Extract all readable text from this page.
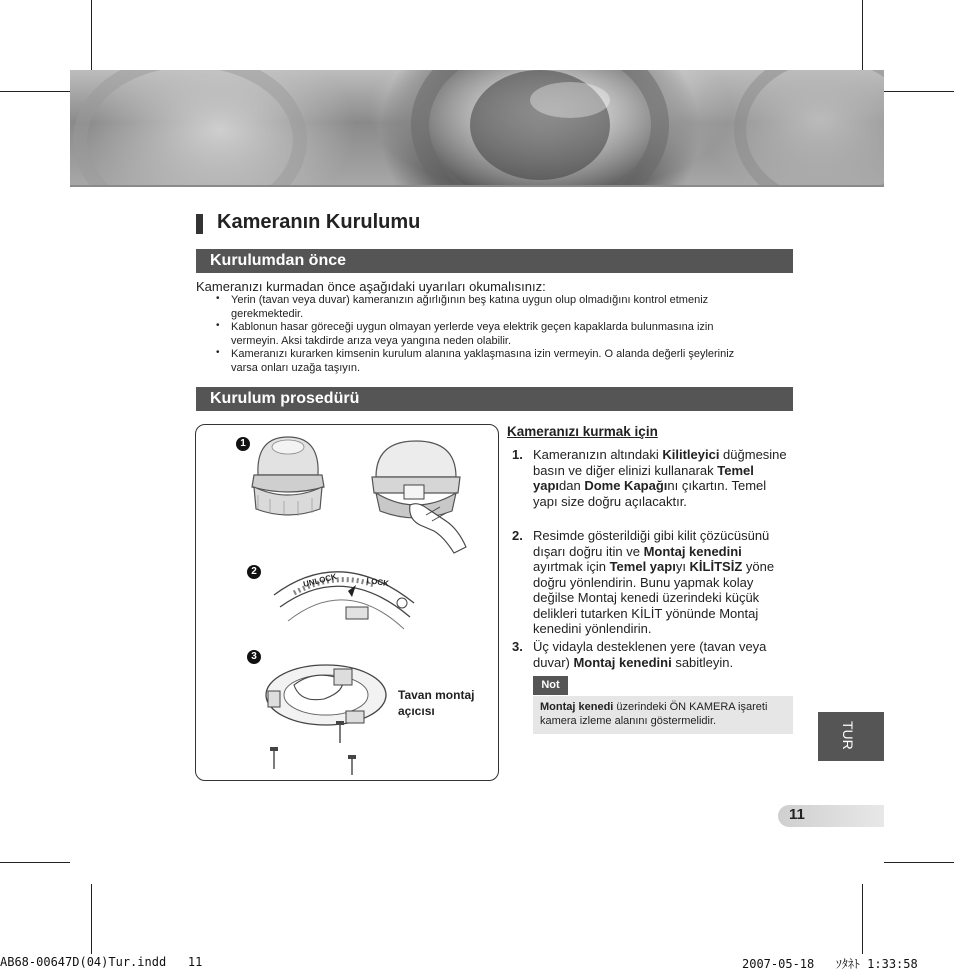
Kameranın Kurulumu
Kurulumdan önce
Kameranızı kurmadan önce aşağıdaki uyarıları okumalısınız:
• Yerin (tavan veya duvar) kameranızın ağırlığının beş katına uygun olup olmadığını kontrol etmeniz
gerekmektedir.
• Kablonun hasar göreceği uygun olmayan yerlerde veya elektrik geçen kapaklarda bulunmasına izin
vermeyin. Aksi takdirde arıza veya yangına neden olabilir.
• Kameranızı kurarken kimsenin kurulum alanına yaklaşmasına izin vermeyin. O alanda değerli şeyleriniz
varsa onları uzağa taşıyın.
Kurulum prosedürü
UNLOCK	LOCK
1
2
3
Tavan montaj
açıcısı
Kameranızı kurmak için
1. Kameranızın altındaki Kilitleyici düğmesine basın ve diğer elinizi kullanarak Temel yapıdan Dome Kapağını çıkartın. Temel yapı size doğru açılacaktır.
2. Resimde gösterildiği gibi kilit çözücüsünü dışarı doğru itin ve Montaj kenedini ayırtmak için Temel yapıyı KİLİTSİZ yöne doğru yönlendirin. Bunu yapmak kolay değilse Montaj kenedi üzerindeki küçük delikleri tutarken KİLİT yönünde Montaj kenedini yönlendirin.
3. Üç vidayla desteklenen yere (tavan veya duvar) Montaj kenedini sabitleyin.
Not
Montaj kenedi üzerindeki ÖN KAMERA işareti kamera izleme alanını göstermelidir.	TUR
11
AB68-00647D(04)Tur.indd   11	2007-05-18   ｿﾀﾈﾄ 1:33:58
